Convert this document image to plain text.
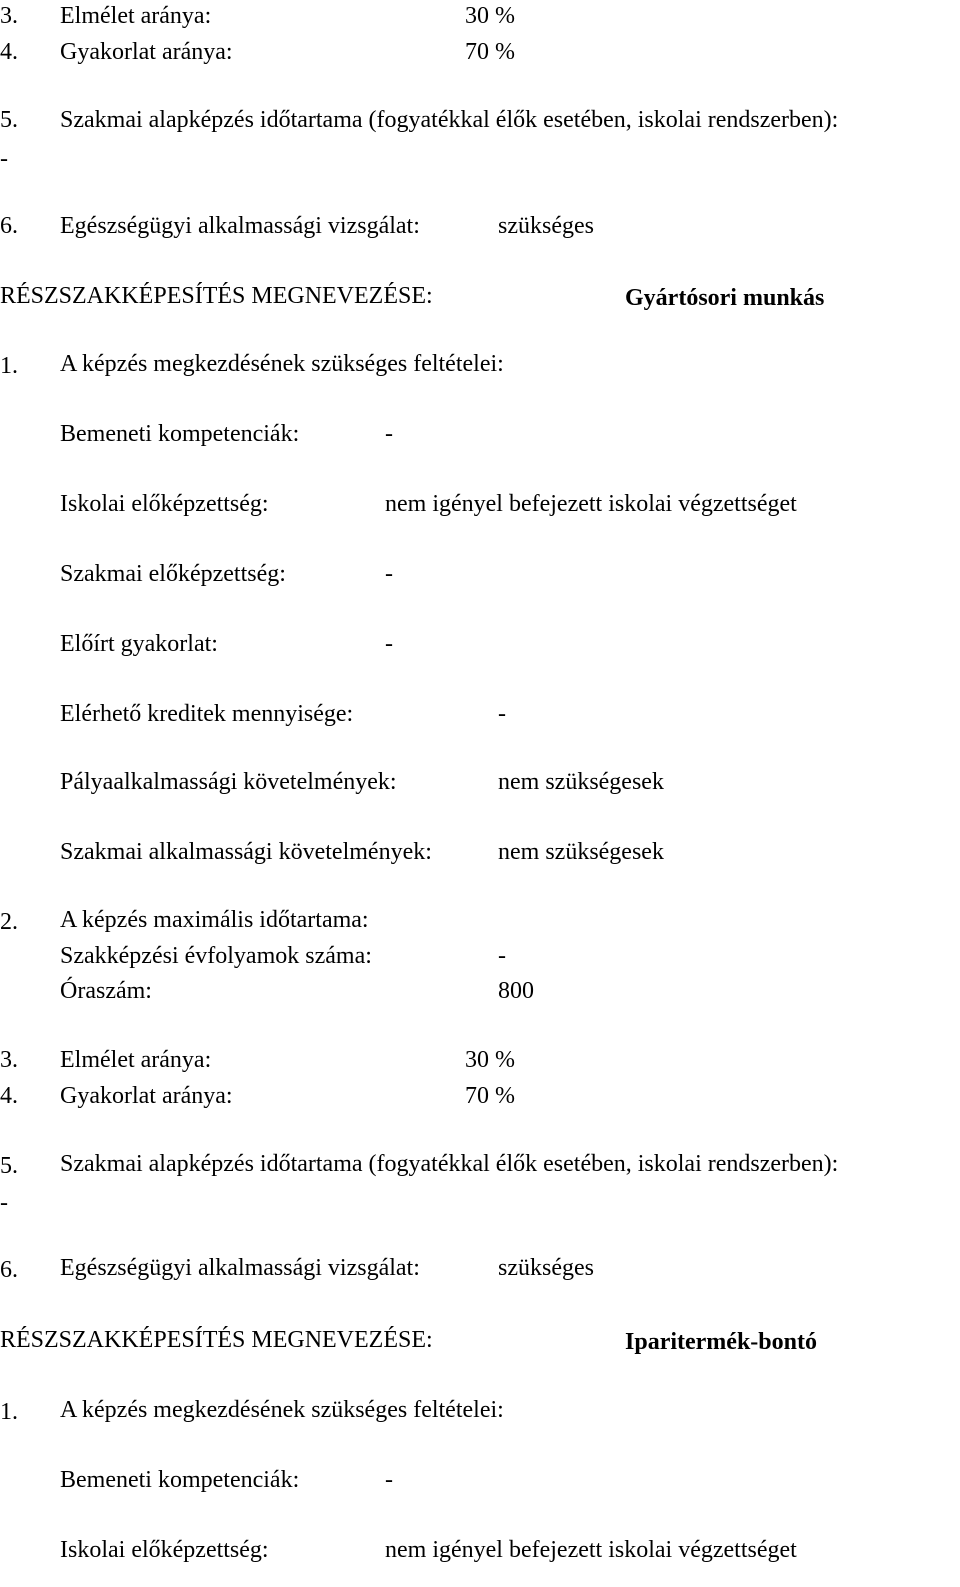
3. Elmélet aránya:	30 %
4. Gyakorlat aránya:	70 %
5. Szakmai alapképzés időtartama (fogyatékkal élők esetében, iskolai rendszerben):
-
6. Egészségügyi alkalmassági vizsgálat:	szükséges
RÉSZSZAKKÉPESÍTÉS MEGNEVEZÉSE:	Gyártósori munkás
1. A képzés megkezdésének szükséges feltételei:
Bemeneti kompetenciák:	-
Iskolai előképzettség:	nem igényel befejezett iskolai végzettséget
Szakmai előképzettség:	-
Előírt gyakorlat:	-
Elérhető kreditek mennyisége:	-
Pályaalkalmassági követelmények:	nem szükségesek
Szakmai alkalmassági követelmények:	nem szükségesek
2. A képzés maximális időtartama:
Szakképzési évfolyamok száma:	-
Óraszám:	800
3. Elmélet aránya:	30 %
4. Gyakorlat aránya:	70 %
5. Szakmai alapképzés időtartama (fogyatékkal élők esetében, iskolai rendszerben):
-
6. Egészségügyi alkalmassági vizsgálat:	szükséges
RÉSZSZAKKÉPESÍTÉS MEGNEVEZÉSE:	Iparitermék-bontó
1. A képzés megkezdésének szükséges feltételei:
Bemeneti kompetenciák:	-
Iskolai előképzettség:	nem igényel befejezett iskolai végzettséget
